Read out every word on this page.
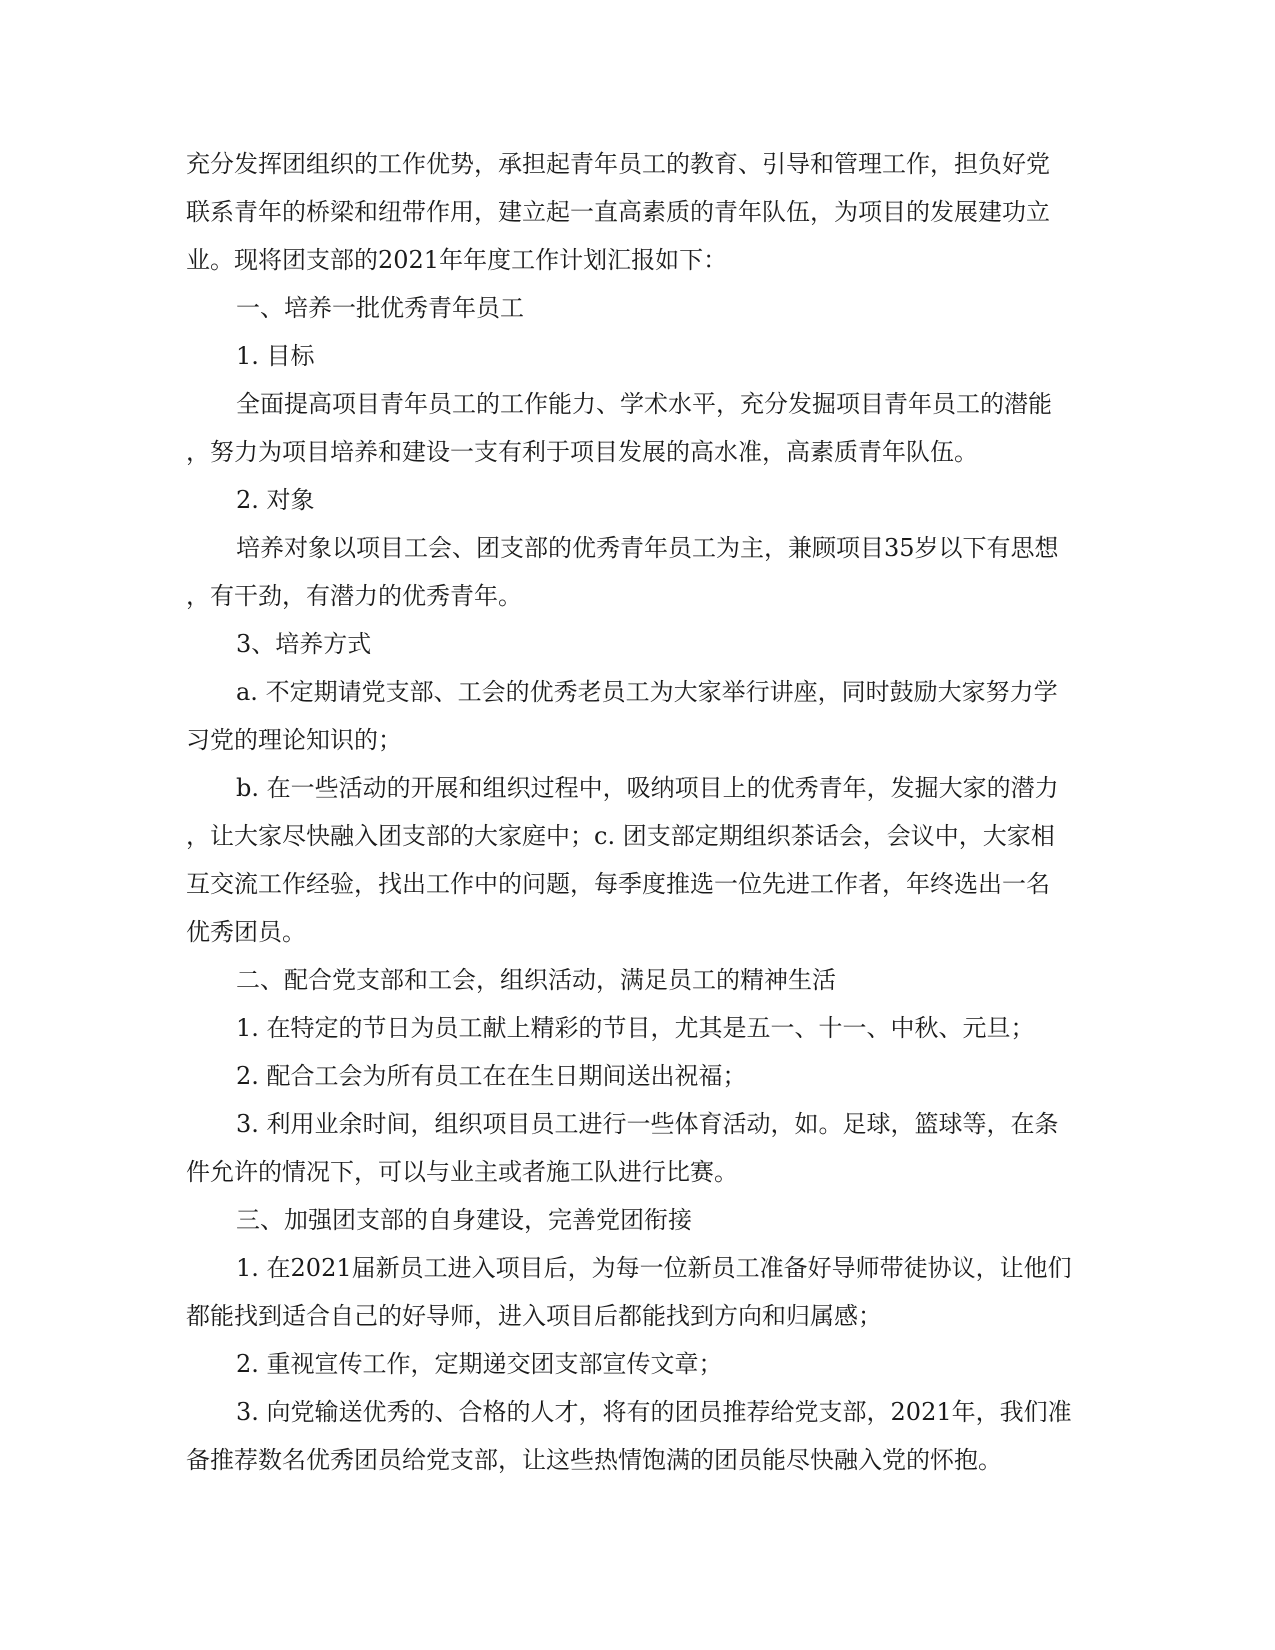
充分发挥团组织的工作优势，承担起青年员工的教育、引导和管理工作，担负好党
联系青年的桥梁和纽带作用，建立起一直高素质的青年队伍，为项目的发展建功立
业。现将团支部的2021年年度工作计划汇报如下：
一、培养一批优秀青年员工
1. 目标
全面提高项目青年员工的工作能力、学术水平，充分发掘项目青年员工的潜能
，努力为项目培养和建设一支有利于项目发展的高水准，高素质青年队伍。
2. 对象
培养对象以项目工会、团支部的优秀青年员工为主，兼顾项目35岁以下有思想
，有干劲，有潜力的优秀青年。
3、培养方式
a. 不定期请党支部、工会的优秀老员工为大家举行讲座，同时鼓励大家努力学
习党的理论知识的；
b. 在一些活动的开展和组织过程中，吸纳项目上的优秀青年，发掘大家的潜力
，让大家尽快融入团支部的大家庭中；c. 团支部定期组织茶话会，会议中，大家相
互交流工作经验，找出工作中的问题，每季度推选一位先进工作者，年终选出一名
优秀团员。
二、配合党支部和工会，组织活动，满足员工的精神生活
1. 在特定的节日为员工献上精彩的节目，尤其是五一、十一、中秋、元旦；
2. 配合工会为所有员工在在生日期间送出祝福；
3. 利用业余时间，组织项目员工进行一些体育活动，如。足球，篮球等，在条
件允许的情况下，可以与业主或者施工队进行比赛。
三、加强团支部的自身建设，完善党团衔接
1. 在2021届新员工进入项目后，为每一位新员工准备好导师带徒协议，让他们
都能找到适合自己的好导师，进入项目后都能找到方向和归属感；
2. 重视宣传工作，定期递交团支部宣传文章；
3. 向党输送优秀的、合格的人才，将有的团员推荐给党支部，2021年，我们准
备推荐数名优秀团员给党支部，让这些热情饱满的团员能尽快融入党的怀抱。
